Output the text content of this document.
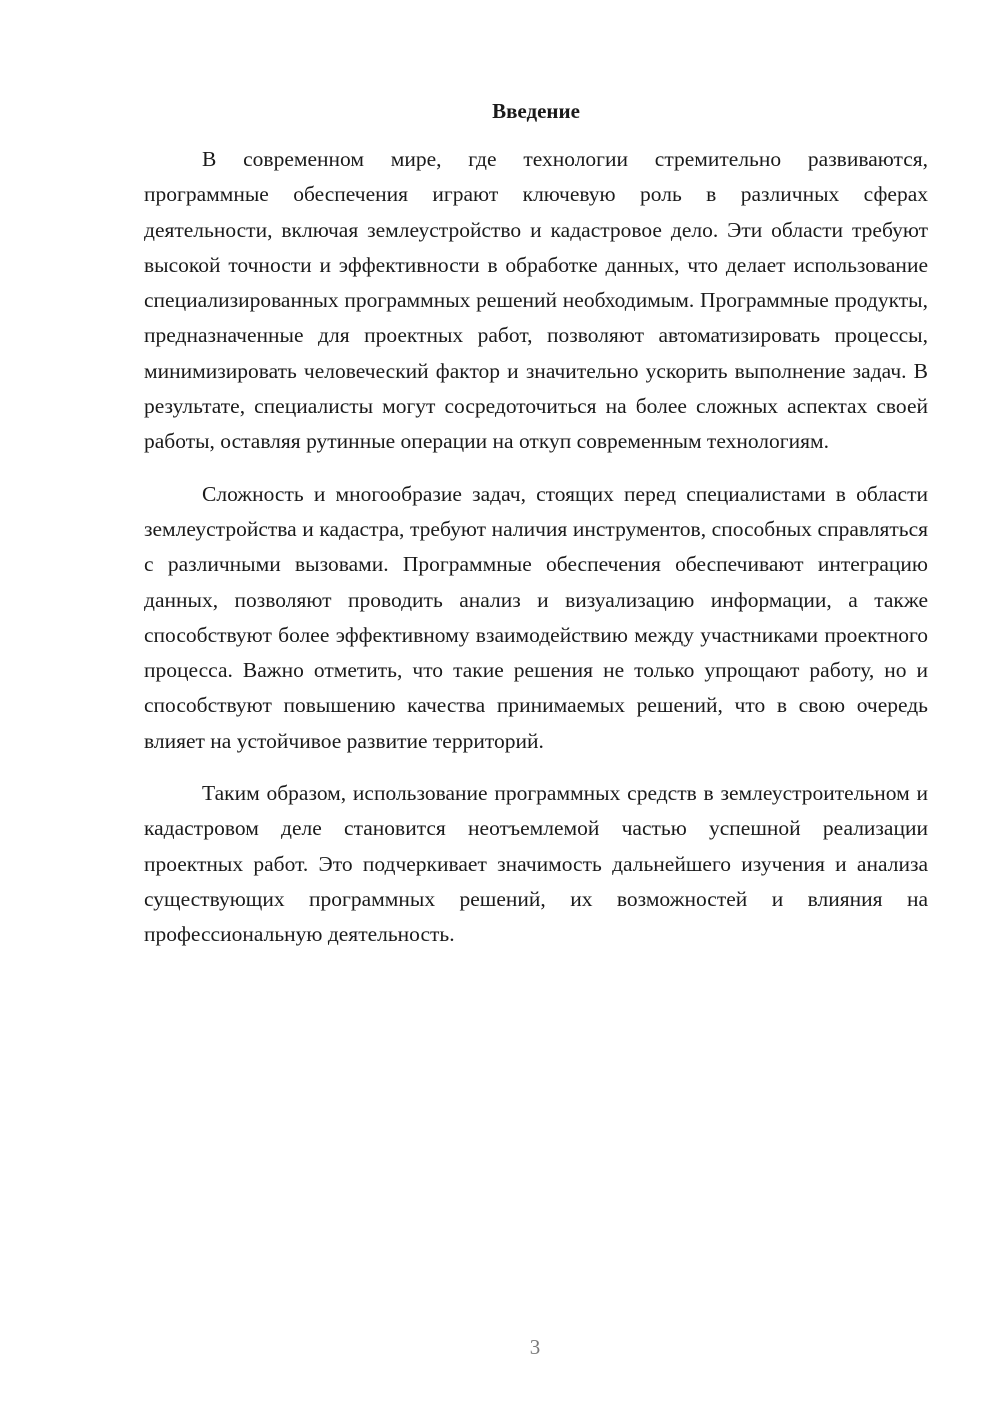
Введение

В современном мире, где технологии стремительно развиваются, программные обеспечения играют ключевую роль в различных сферах деятельности, включая землеустройство и кадастровое дело. Эти области требуют высокой точности и эффективности в обработке данных, что делает использование специализированных программных решений необходимым. Программные продукты, предназначенные для проектных работ, позволяют автоматизировать процессы, минимизировать человеческий фактор и значительно ускорить выполнение задач. В результате, специалисты могут сосредоточиться на более сложных аспектах своей работы, оставляя рутинные операции на откуп современным технологиям.

Сложность и многообразие задач, стоящих перед специалистами в области землеустройства и кадастра, требуют наличия инструментов, способных справляться с различными вызовами. Программные обеспечения обеспечивают интеграцию данных, позволяют проводить анализ и визуализацию информации, а также способствуют более эффективному взаимодействию между участниками проектного процесса. Важно отметить, что такие решения не только упрощают работу, но и способствуют повышению качества принимаемых решений, что в свою очередь влияет на устойчивое развитие территорий.

Таким образом, использование программных средств в землеустроительном и кадастровом деле становится неотъемлемой частью успешной реализации проектных работ. Это подчеркивает значимость дальнейшего изучения и анализа существующих программных решений, их возможностей и влияния на профессиональную деятельность.

3
